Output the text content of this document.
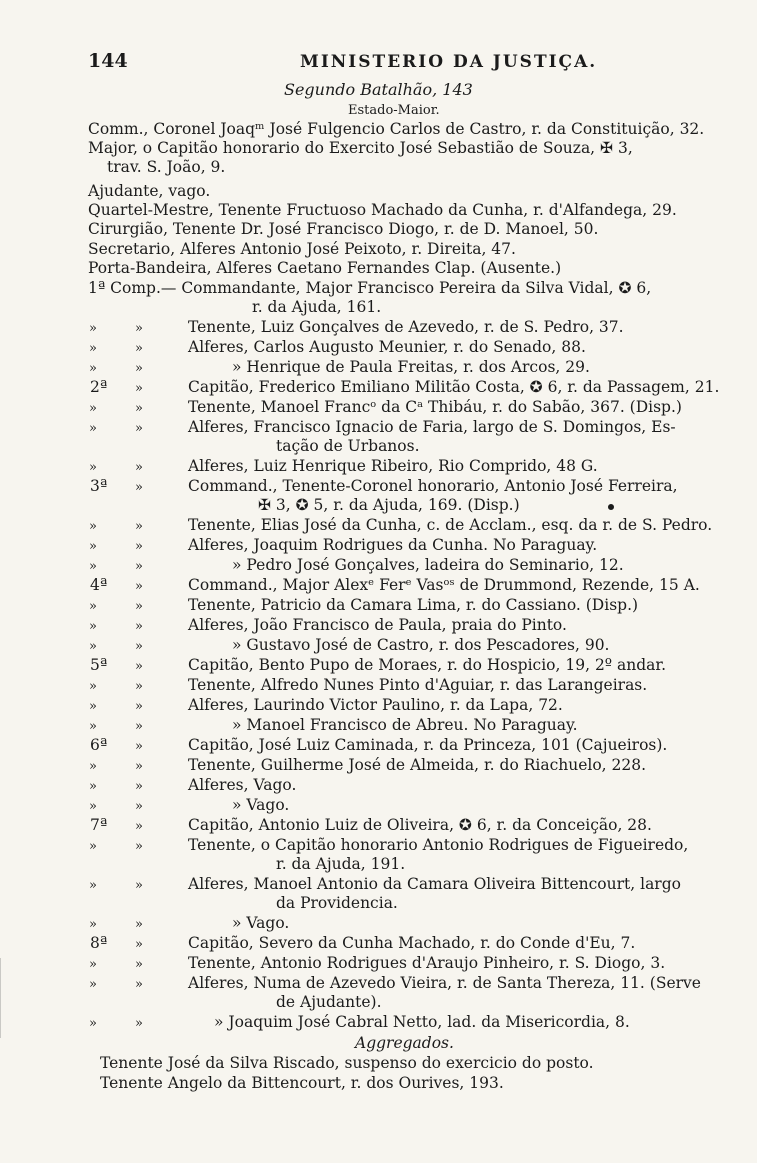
144	MINISTERIO DA JUSTIÇA.
Segundo Batalhão, 143
Estado-Maior.
Comm., Coronel Joaqᵐ José Fulgencio Carlos de Castro, r. da Constituição, 32.
Major, o Capitão honorario do Exercito José Sebastião de Souza, ✠ 3,
trav. S. João, 9.
Ajudante, vago.
Quartel-Mestre, Tenente Fructuoso Machado da Cunha, r. d'Alfandega, 29.
Cirurgião, Tenente Dr. José Francisco Diogo, r. de D. Manoel, 50.
Secretario, Alferes Antonio José Peixoto, r. Direita, 47.
Porta-Bandeira, Alferes Caetano Fernandes Clap. (Ausente.)
1ª Comp.— Commandante, Major Francisco Pereira da Silva Vidal, ✪ 6,
r. da Ajuda, 161.
»	»	Tenente, Luiz Gonçalves de Azevedo, r. de S. Pedro, 37.
»	»	Alferes, Carlos Augusto Meunier, r. do Senado, 88.
»	»	» Henrique de Paula Freitas, r. dos Arcos, 29.
2ª »	Capitão, Frederico Emiliano Militão Costa, ✪ 6, r. da Passagem, 21.
»	»	Tenente, Manoel Francᵒ da Cᵃ Thibáu, r. do Sabão, 367. (Disp.)
»	»	Alferes, Francisco Ignacio de Faria, largo de S. Domingos, Es-
tação de Urbanos.
»	»	Alferes, Luiz Henrique Ribeiro, Rio Comprido, 48 G.
3ª »	Command., Tenente-Coronel honorario, Antonio José Ferreira,
✠ 3, ✪ 5, r. da Ajuda, 169. (Disp.)
»	»	Tenente, Elias José da Cunha, c. de Acclam., esq. da r. de S. Pedro.
»	»	Alferes, Joaquim Rodrigues da Cunha. No Paraguay.
»	»	» Pedro José Gonçalves, ladeira do Seminario, 12.
4ª »	Command., Major Alexᵉ Ferᵉ Vasᵒˢ de Drummond, Rezende, 15 A.
»	»	Tenente, Patricio da Camara Lima, r. do Cassiano. (Disp.)
»	»	Alferes, João Francisco de Paula, praia do Pinto.
»	»	» Gustavo José de Castro, r. dos Pescadores, 90.
5ª »	Capitão, Bento Pupo de Moraes, r. do Hospicio, 19, 2º andar.
»	»	Tenente, Alfredo Nunes Pinto d'Aguiar, r. das Larangeiras.
»	»	Alferes, Laurindo Victor Paulino, r. da Lapa, 72.
»	»	» Manoel Francisco de Abreu. No Paraguay.
6ª »	Capitão, José Luiz Caminada, r. da Princeza, 101 (Cajueiros).
»	»	Tenente, Guilherme José de Almeida, r. do Riachuelo, 228.
»	»	Alferes, Vago.
»	»	» Vago.
7ª »	Capitão, Antonio Luiz de Oliveira, ✪ 6, r. da Conceição, 28.
»	»	Tenente, o Capitão honorario Antonio Rodrigues de Figueiredo,
r. da Ajuda, 191.
»	»	Alferes, Manoel Antonio da Camara Oliveira Bittencourt, largo
da Providencia.
»	»	» Vago.
8ª »	Capitão, Severo da Cunha Machado, r. do Conde d'Eu, 7.
»	»	Tenente, Antonio Rodrigues d'Araujo Pinheiro, r. S. Diogo, 3.
»	»	Alferes, Numa de Azevedo Vieira, r. de Santa Thereza, 11. (Serve
de Ajudante).
»	»	» Joaquim José Cabral Netto, lad. da Misericordia, 8.
Aggregados.
Tenente José da Silva Riscado, suspenso do exercicio do posto.
Tenente Angelo da Bittencourt, r. dos Ourives, 193.
